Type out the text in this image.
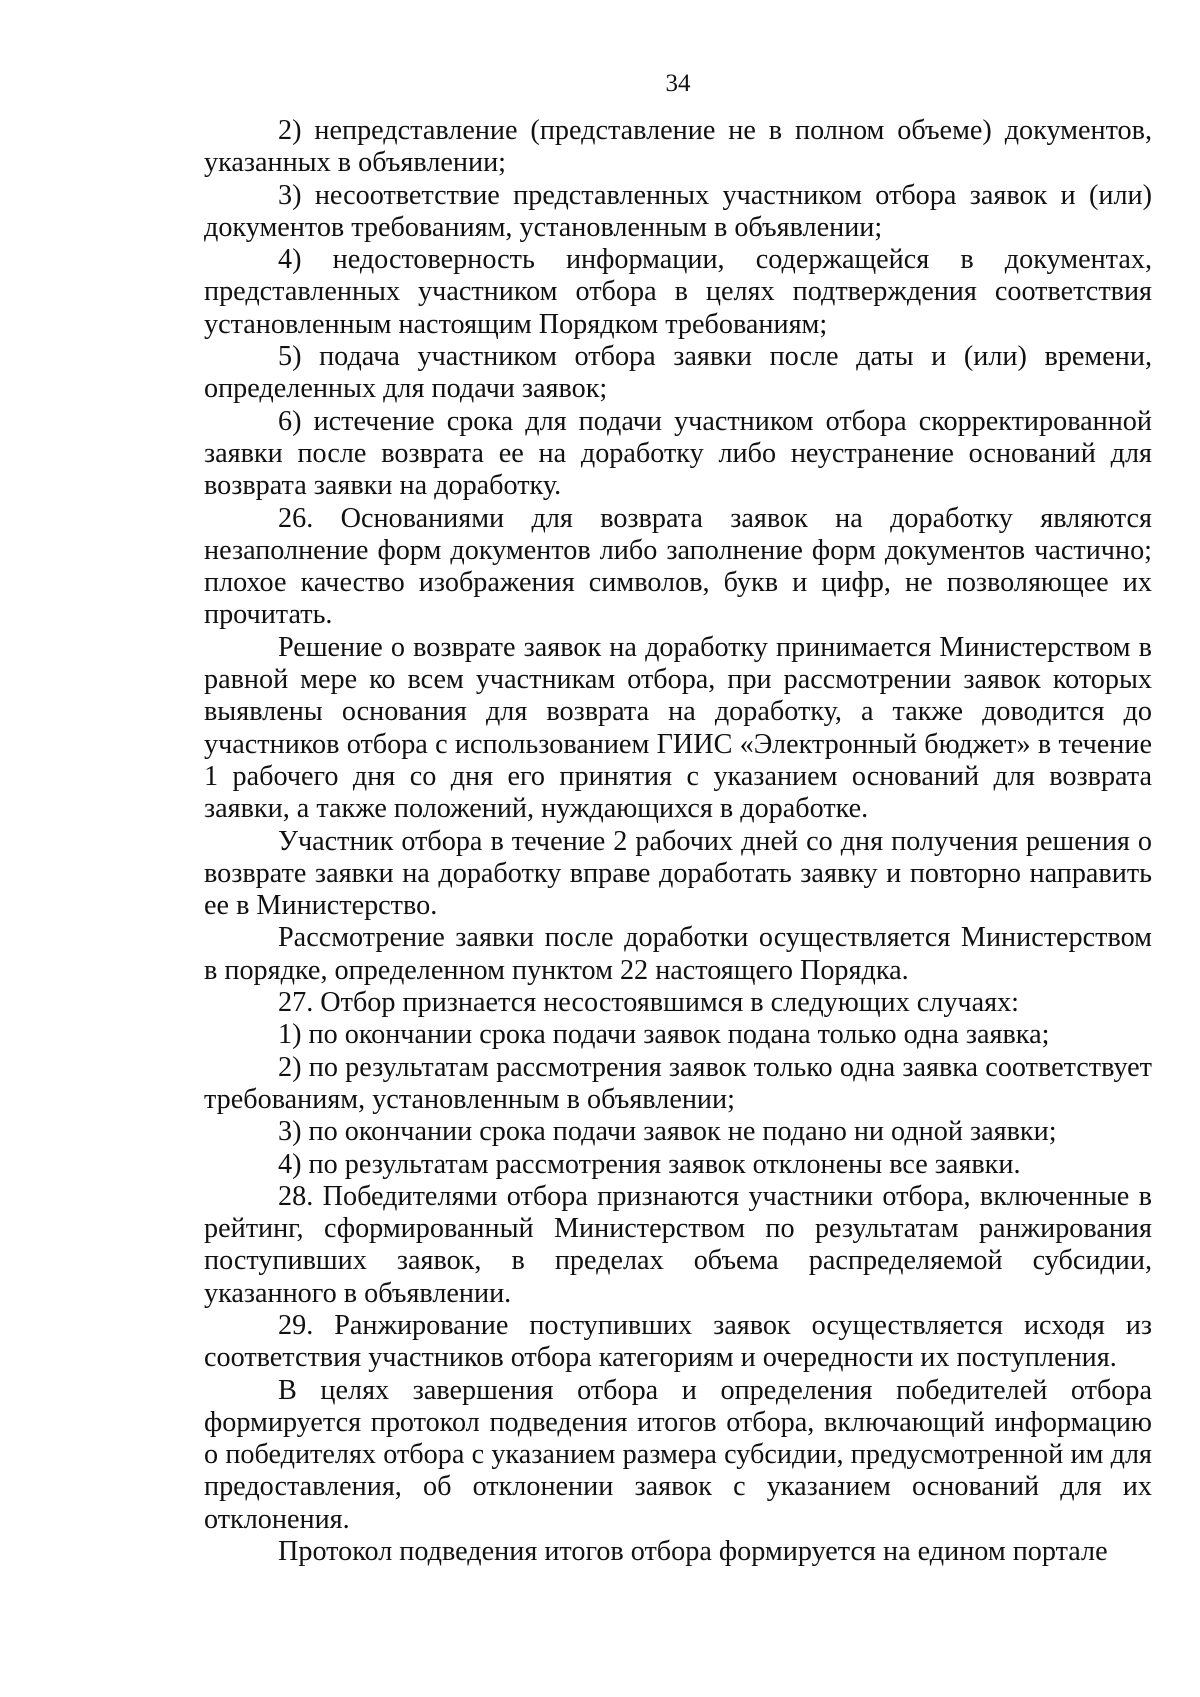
34

2) непредставление (представление не в полном объеме) документов, указанных в объявлении;

3) несоответствие представленных участником отбора заявок и (или) документов требованиям, установленным в объявлении;

4) недостоверность информации, содержащейся в документах, представленных участником отбора в целях подтверждения соответствия установленным настоящим Порядком требованиям;

5) подача участником отбора заявки после даты и (или) времени, определенных для подачи заявок;

6) истечение срока для подачи участником отбора скорректированной заявки после возврата ее на доработку либо неустранение оснований для возврата заявки на доработку.

26. Основаниями для возврата заявок на доработку являются незаполнение форм документов либо заполнение форм документов частично; плохое качество изображения символов, букв и цифр, не позволяющее их прочитать.

Решение о возврате заявок на доработку принимается Министерством в равной мере ко всем участникам отбора, при рассмотрении заявок которых выявлены основания для возврата на доработку, а также доводится до участников отбора с использованием ГИИС «Электронный бюджет» в течение 1 рабочего дня со дня его принятия с указанием оснований для возврата заявки, а также положений, нуждающихся в доработке.

Участник отбора в течение 2 рабочих дней со дня получения решения о возврате заявки на доработку вправе доработать заявку и повторно направить ее в Министерство.

Рассмотрение заявки после доработки осуществляется Министерством в порядке, определенном пунктом 22 настоящего Порядка.

27. Отбор признается несостоявшимся в следующих случаях:

1) по окончании срока подачи заявок подана только одна заявка;

2) по результатам рассмотрения заявок только одна заявка соответствует требованиям, установленным в объявлении;

3) по окончании срока подачи заявок не подано ни одной заявки;

4) по результатам рассмотрения заявок отклонены все заявки.

28. Победителями отбора признаются участники отбора, включенные в рейтинг, сформированный Министерством по результатам ранжирования поступивших заявок, в пределах объема распределяемой субсидии, указанного в объявлении.

29. Ранжирование поступивших заявок осуществляется исходя из соответствия участников отбора категориям и очередности их поступления.

В целях завершения отбора и определения победителей отбора формируется протокол подведения итогов отбора, включающий информацию о победителях отбора с указанием размера субсидии, предусмотренной им для предоставления, об отклонении заявок с указанием оснований для их отклонения.

Протокол подведения итогов отбора формируется на едином портале
